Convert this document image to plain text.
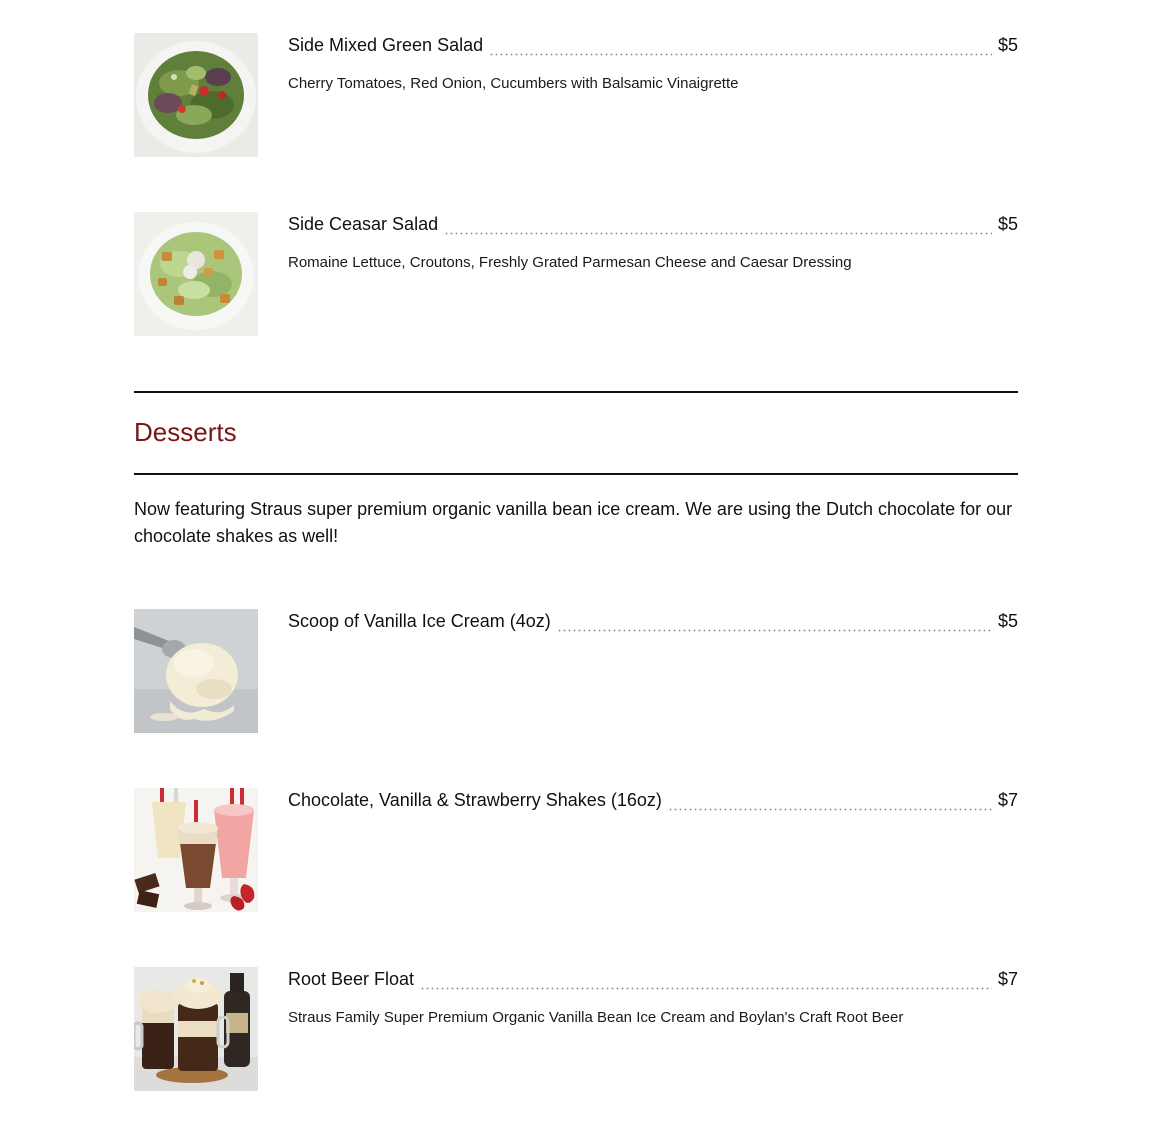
Side Mixed Green Salad	$5
Cherry Tomatoes, Red Onion, Cucumbers with Balsamic Vinaigrette
Side Ceasar Salad	$5
Romaine Lettuce, Croutons, Freshly Grated Parmesan Cheese and Caesar Dressing
Desserts
Now featuring Straus super premium organic vanilla bean ice cream. We are using the Dutch chocolate for our chocolate shakes as well!
Scoop of Vanilla Ice Cream (4oz)	$5
Chocolate, Vanilla & Strawberry Shakes (16oz)	$7
Root Beer Float	$7
Straus Family Super Premium Organic Vanilla Bean Ice Cream and Boylan's Craft Root Beer
